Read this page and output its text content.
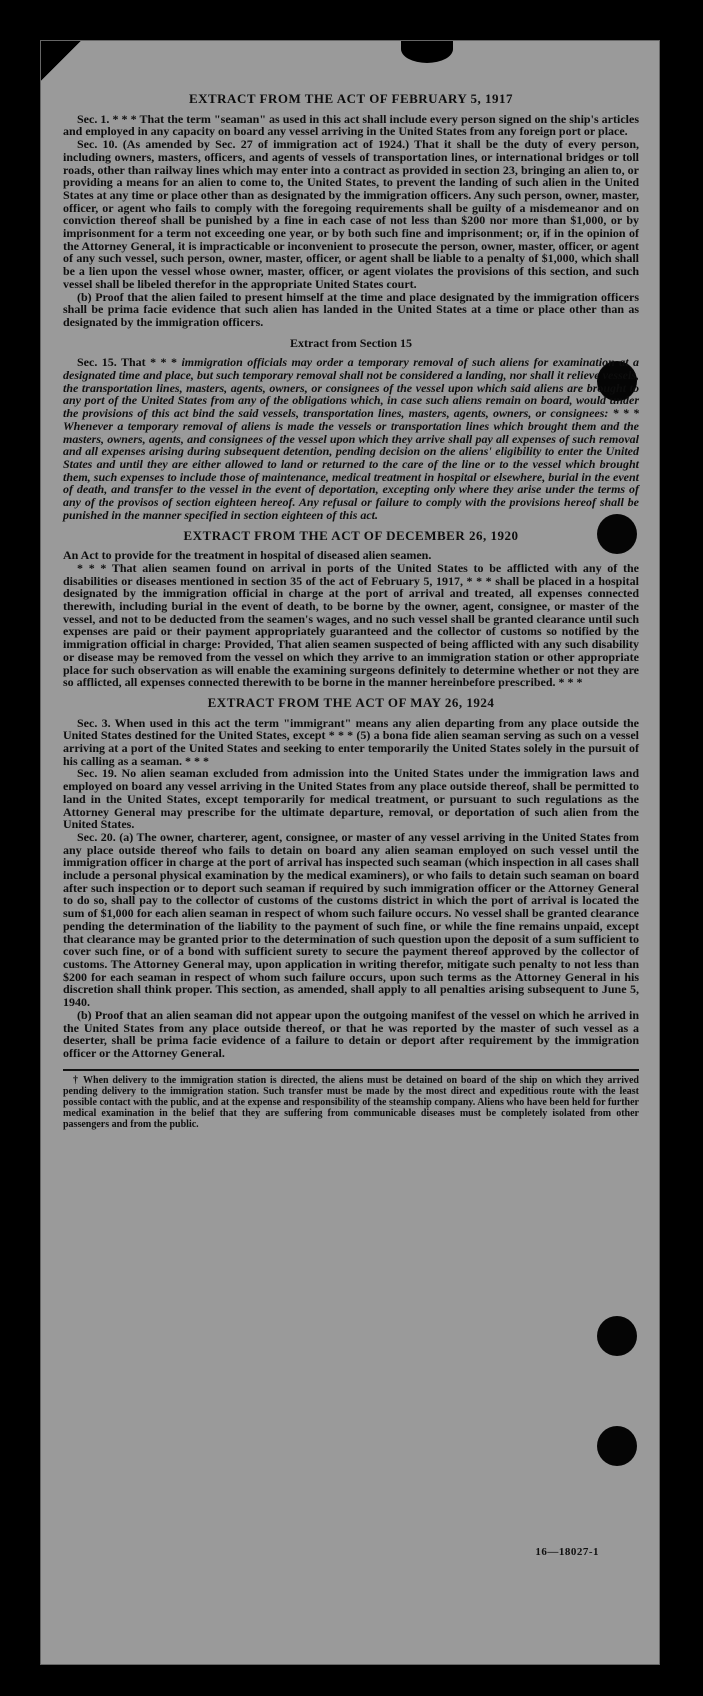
EXTRACT FROM THE ACT OF FEBRUARY 5, 1917

Sec. 1. * * * That the term "seaman" as used in this act shall include every person signed on the ship's articles and employed in any capacity on board any vessel arriving in the United States from any foreign port or place.

Sec. 10. (As amended by Sec. 27 of immigration act of 1924.) That it shall be the duty of every person, including owners, masters, officers, and agents of vessels of transportation lines, or international bridges or toll roads, other than railway lines which may enter into a contract as provided in section 23, bringing an alien to, or providing a means for an alien to come to, the United States, to prevent the landing of such alien in the United States at any time or place other than as designated by the immigration officers. Any such person, owner, master, officer, or agent who fails to comply with the foregoing requirements shall be guilty of a misdemeanor and on conviction thereof shall be punished by a fine in each case of not less than $200 nor more than $1,000, or by imprisonment for a term not exceeding one year, or by both such fine and imprisonment; or, if in the opinion of the Attorney General, it is impracticable or inconvenient to prosecute the person, owner, master, officer, or agent of any such vessel, such person, owner, master, officer, or agent shall be liable to a penalty of $1,000, which shall be a lien upon the vessel whose owner, master, officer, or agent violates the provisions of this section, and such vessel shall be libeled therefor in the appropriate United States court.

(b) Proof that the alien failed to present himself at the time and place designated by the immigration officers shall be prima facie evidence that such alien has landed in the United States at a time or place other than as designated by the immigration officers.

Extract from Section 15

Sec. 15. That * * * immigration officials may order a temporary removal of such aliens for examination at a designated time and place, but such temporary removal shall not be considered a landing, nor shall it relieve vessels, the transportation lines, masters, agents, owners, or consignees of the vessel upon which said aliens are brought to any port of the United States from any of the obligations which, in case such aliens remain on board, would under the provisions of this act bind the said vessels, transportation lines, masters, agents, owners, or consignees: * * * Whenever a temporary removal of aliens is made the vessels or transportation lines which brought them and the masters, owners, agents, and consignees of the vessel upon which they arrive shall pay all expenses of such removal and all expenses arising during subsequent detention, pending decision on the aliens' eligibility to enter the United States and until they are either allowed to land or returned to the care of the line or to the vessel which brought them, such expenses to include those of maintenance, medical treatment in hospital or elsewhere, burial in the event of death, and transfer to the vessel in the event of deportation, excepting only where they arise under the terms of any of the provisos of section eighteen hereof. Any refusal or failure to comply with the provisions hereof shall be punished in the manner specified in section eighteen of this act.

EXTRACT FROM THE ACT OF DECEMBER 26, 1920

An Act to provide for the treatment in hospital of diseased alien seamen.

* * * That alien seamen found on arrival in ports of the United States to be afflicted with any of the disabilities or diseases mentioned in section 35 of the act of February 5, 1917, * * * shall be placed in a hospital designated by the immigration official in charge at the port of arrival and treated, all expenses connected therewith, including burial in the event of death, to be borne by the owner, agent, consignee, or master of the vessel, and not to be deducted from the seamen's wages, and no such vessel shall be granted clearance until such expenses are paid or their payment appropriately guaranteed and the collector of customs so notified by the immigration official in charge: Provided, That alien seamen suspected of being afflicted with any such disability or disease may be removed from the vessel on which they arrive to an immigration station or other appropriate place for such observation as will enable the examining surgeons definitely to determine whether or not they are so afflicted, all expenses connected therewith to be borne in the manner hereinbefore prescribed. * * *

EXTRACT FROM THE ACT OF MAY 26, 1924

Sec. 3. When used in this act the term "immigrant" means any alien departing from any place outside the United States destined for the United States, except * * * (5) a bona fide alien seaman serving as such on a vessel arriving at a port of the United States and seeking to enter temporarily the United States solely in the pursuit of his calling as a seaman. * * *

Sec. 19. No alien seaman excluded from admission into the United States under the immigration laws and employed on board any vessel arriving in the United States from any place outside thereof, shall be permitted to land in the United States, except temporarily for medical treatment, or pursuant to such regulations as the Attorney General may prescribe for the ultimate departure, removal, or deportation of such alien from the United States.

Sec. 20. (a) The owner, charterer, agent, consignee, or master of any vessel arriving in the United States from any place outside thereof who fails to detain on board any alien seaman employed on such vessel until the immigration officer in charge at the port of arrival has inspected such seaman (which inspection in all cases shall include a personal physical examination by the medical examiners), or who fails to detain such seaman on board after such inspection or to deport such seaman if required by such immigration officer or the Attorney General to do so, shall pay to the collector of customs of the customs district in which the port of arrival is located the sum of $1,000 for each alien seaman in respect of whom such failure occurs. No vessel shall be granted clearance pending the determination of the liability to the payment of such fine, or while the fine remains unpaid, except that clearance may be granted prior to the determination of such question upon the deposit of a sum sufficient to cover such fine, or of a bond with sufficient surety to secure the payment thereof approved by the collector of customs. The Attorney General may, upon application in writing therefor, mitigate such penalty to not less than $200 for each seaman in respect of whom such failure occurs, upon such terms as the Attorney General in his discretion shall think proper. This section, as amended, shall apply to all penalties arising subsequent to June 5, 1940.

(b) Proof that an alien seaman did not appear upon the outgoing manifest of the vessel on which he arrived in the United States from any place outside thereof, or that he was reported by the master of such vessel as a deserter, shall be prima facie evidence of a failure to detain or deport after requirement by the immigration officer or the Attorney General.

† When delivery to the immigration station is directed, the aliens must be detained on board of the ship on which they arrived pending delivery to the immigration station. Such transfer must be made by the most direct and expeditious route with the least possible contact with the public, and at the expense and responsibility of the steamship company. Aliens who have been held for further medical examination in the belief that they are suffering from communicable diseases must be completely isolated from other passengers and from the public.

16—18027-1
